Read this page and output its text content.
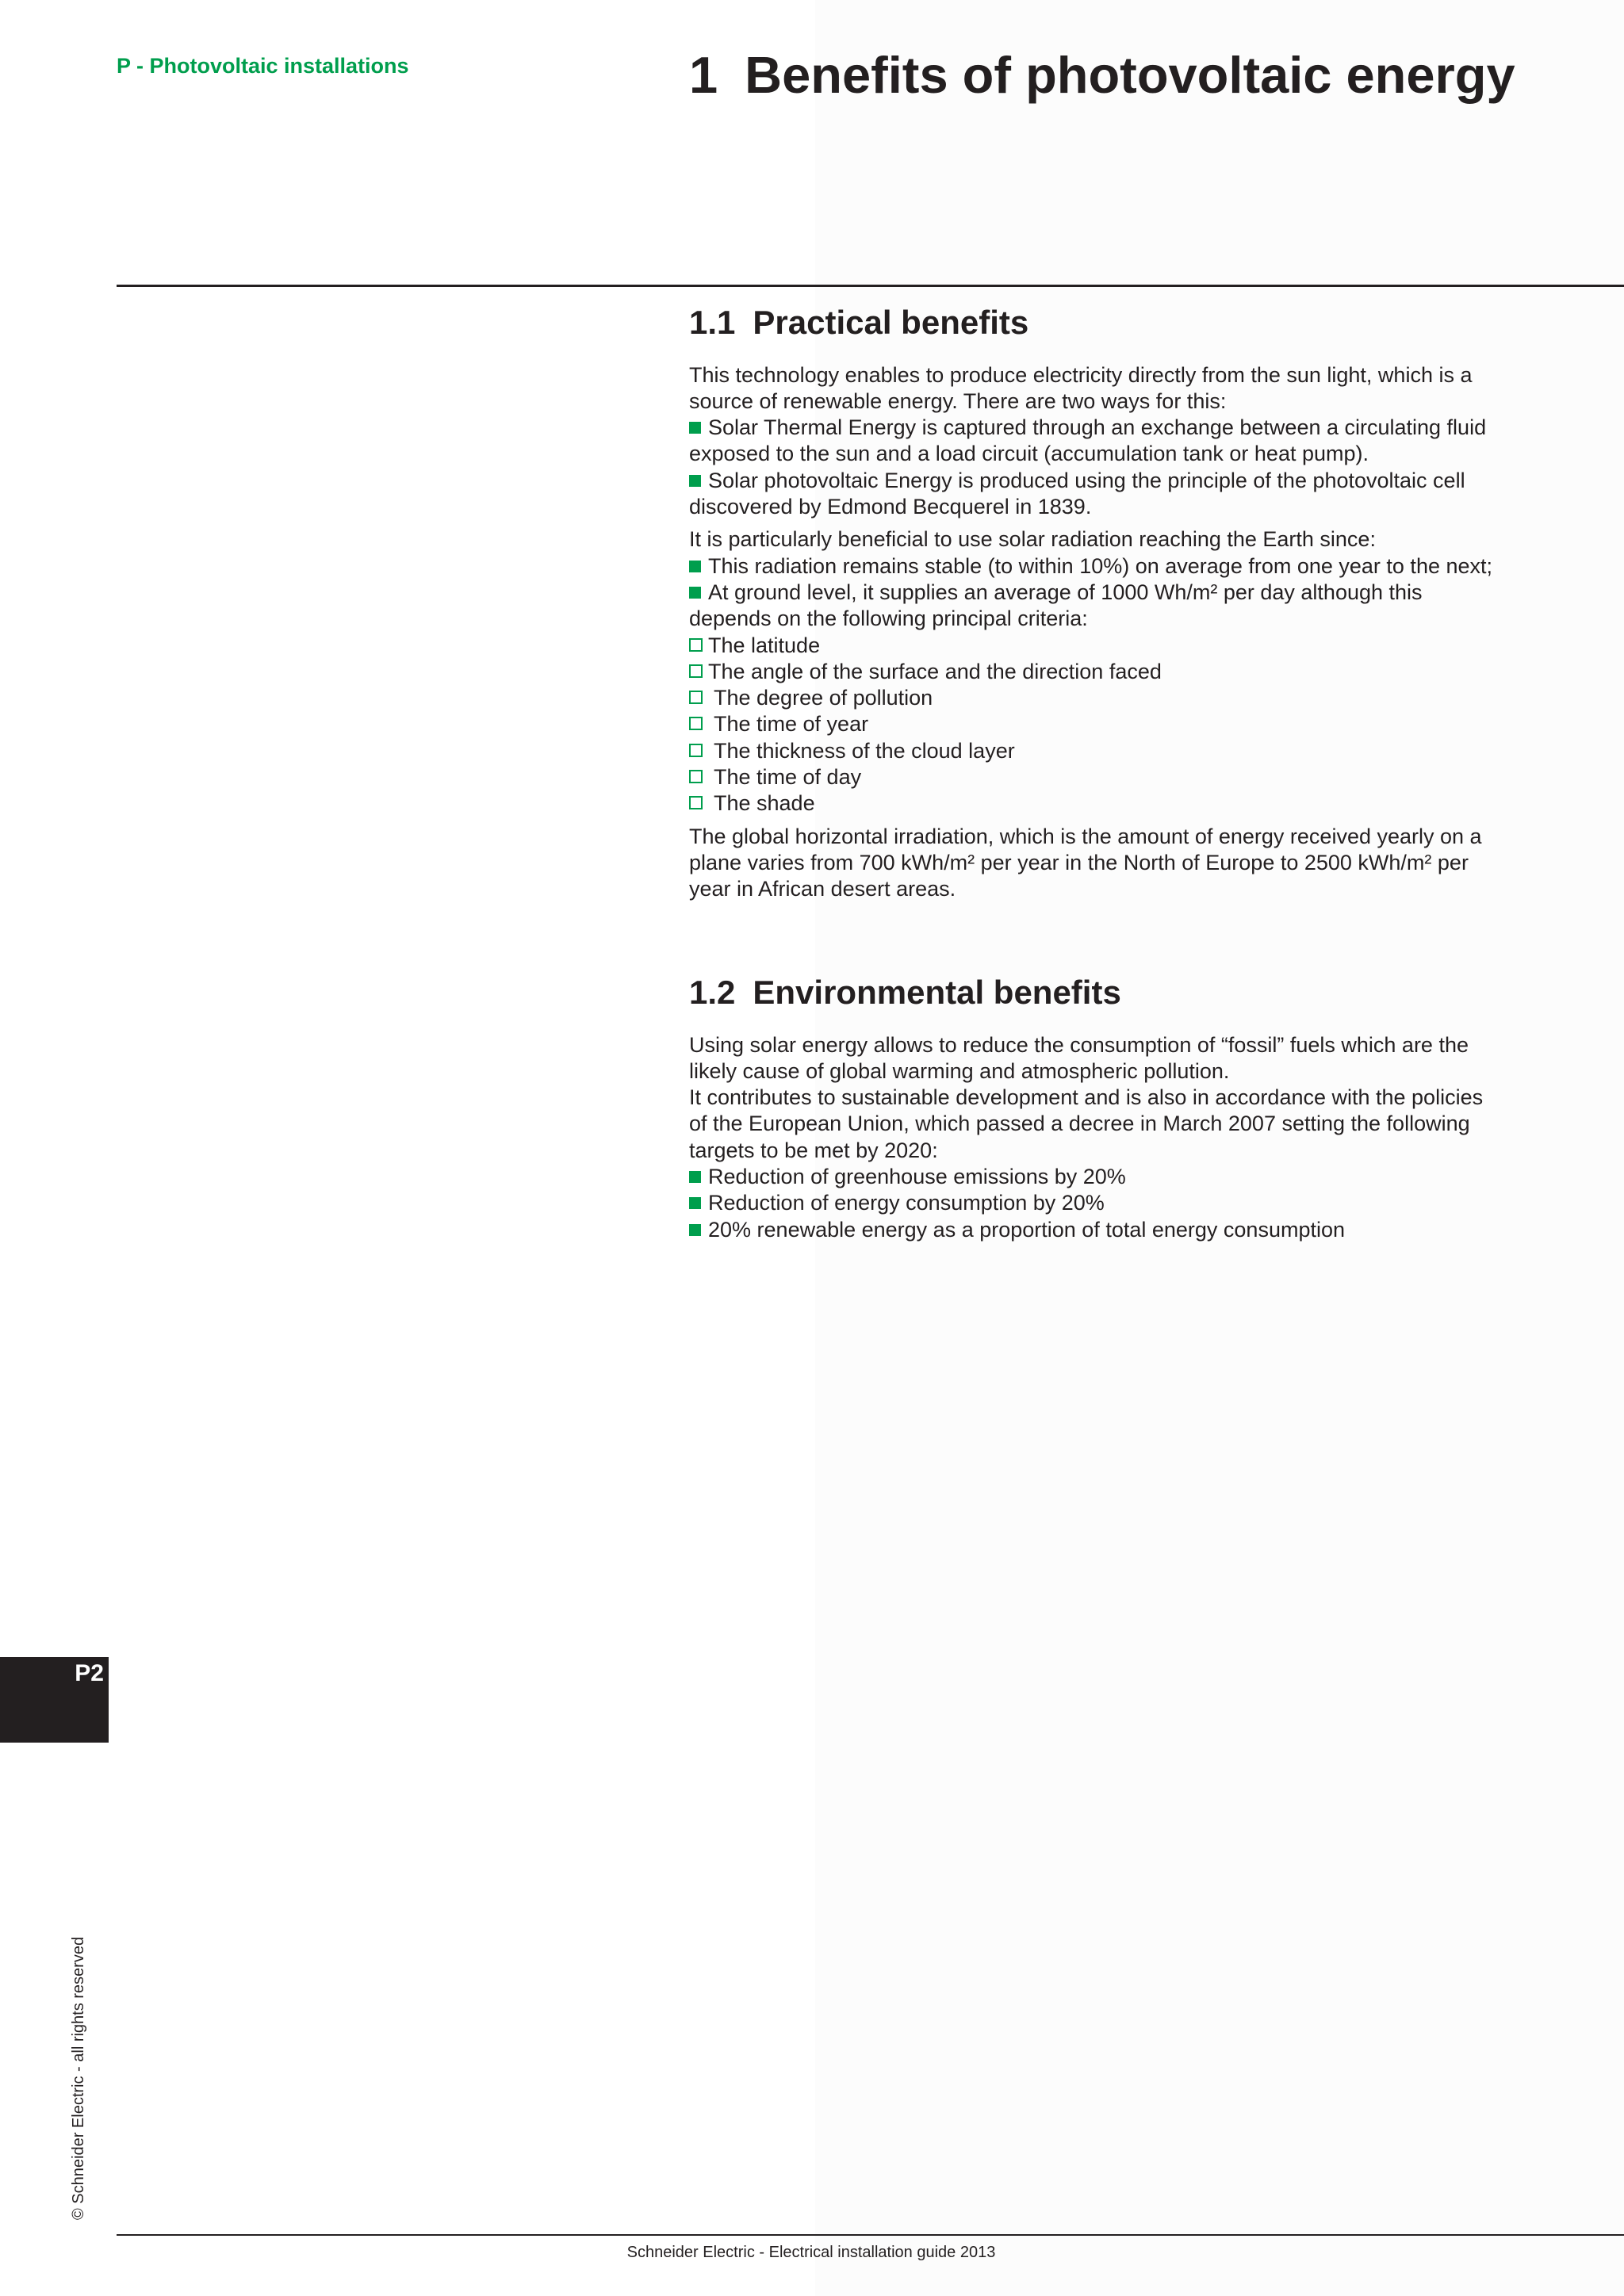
P - Photovoltaic installations	1 Benefits of photovoltaic energy
1.1 Practical benefits

This technology enables to produce electricity directly from the sun light, which is a

source of renewable energy. There are two ways for this:

Solar Thermal Energy is captured through an exchange between a circulating fluid

exposed to the sun and a load circuit (accumulation tank or heat pump).

Solar photovoltaic Energy is produced using the principle of the photovoltaic cell

discovered by Edmond Becquerel in 1839.

It is particularly beneficial to use solar radiation reaching the Earth since:

This radiation remains stable (to within 10%) on average from one year to the next;

At ground level, it supplies an average of 1000 Wh/m² per day although this

depends on the following principal criteria:

The latitude

The angle of the surface and the direction faced

The degree of pollution

The time of year

The thickness of the cloud layer

The time of day

The shade

The global horizontal irradiation, which is the amount of energy received yearly on a

plane varies from 700 kWh/m² per year in the North of Europe to 2500 kWh/m² per

year in African desert areas.

1.2 Environmental benefits

Using solar energy allows to reduce the consumption of “fossil” fuels which are the

likely cause of global warming and atmospheric pollution.

It contributes to sustainable development and is also in accordance with the policies

of the European Union, which passed a decree in March 2007 setting the following

targets to be met by 2020:

Reduction of greenhouse emissions by 20%

Reduction of energy consumption by 20%

20% renewable energy as a proportion of total energy consumption

P2
© Schneider Electric - all rights reserved
Schneider Electric - Electrical installation guide 2013
